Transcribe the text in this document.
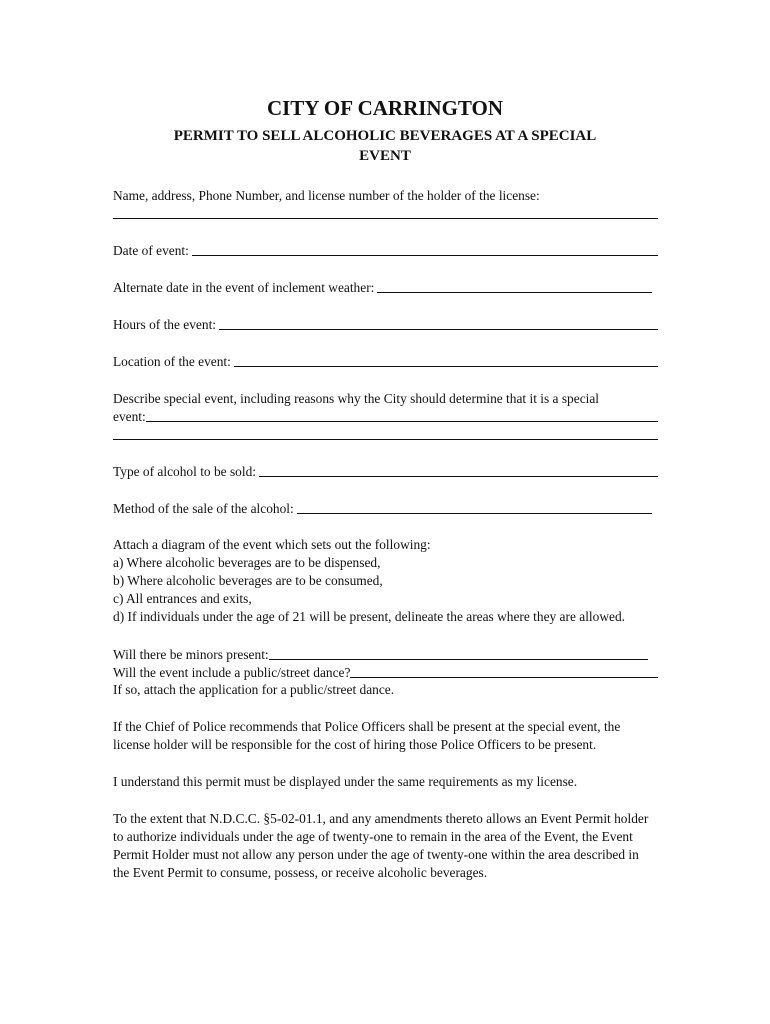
CITY OF CARRINGTON
PERMIT TO SELL ALCOHOLIC BEVERAGES AT A SPECIAL
EVENT
Name, address, Phone Number, and license number of the holder of the license:
Date of event:
Alternate date in the event of inclement weather:
Hours of the event:
Location of the event:
Describe special event, including reasons why the City should determine that it is a special
event:
Type of alcohol to be sold:
Method of the sale of the alcohol:
Attach a diagram of the event which sets out the following:
a) Where alcoholic beverages are to be dispensed,
b) Where alcoholic beverages are to be consumed,
c) All entrances and exits,
d) If individuals under the age of 21 will be present, delineate the areas where they are allowed.
Will there be minors present:
Will the event include a public/street dance?
If so, attach the application for a public/street dance.

If the Chief of Police recommends that Police Officers shall be present at the special event, the license holder will be responsible for the cost of hiring those Police Officers to be present.

I understand this permit must be displayed under the same requirements as my license.

To the extent that N.D.C.C. §5-02-01.1, and any amendments thereto allows an Event Permit holder to authorize individuals under the age of twenty-one to remain in the area of the Event, the Event Permit Holder must not allow any person under the age of twenty-one within the area described in the Event Permit to consume, possess, or receive alcoholic beverages.
